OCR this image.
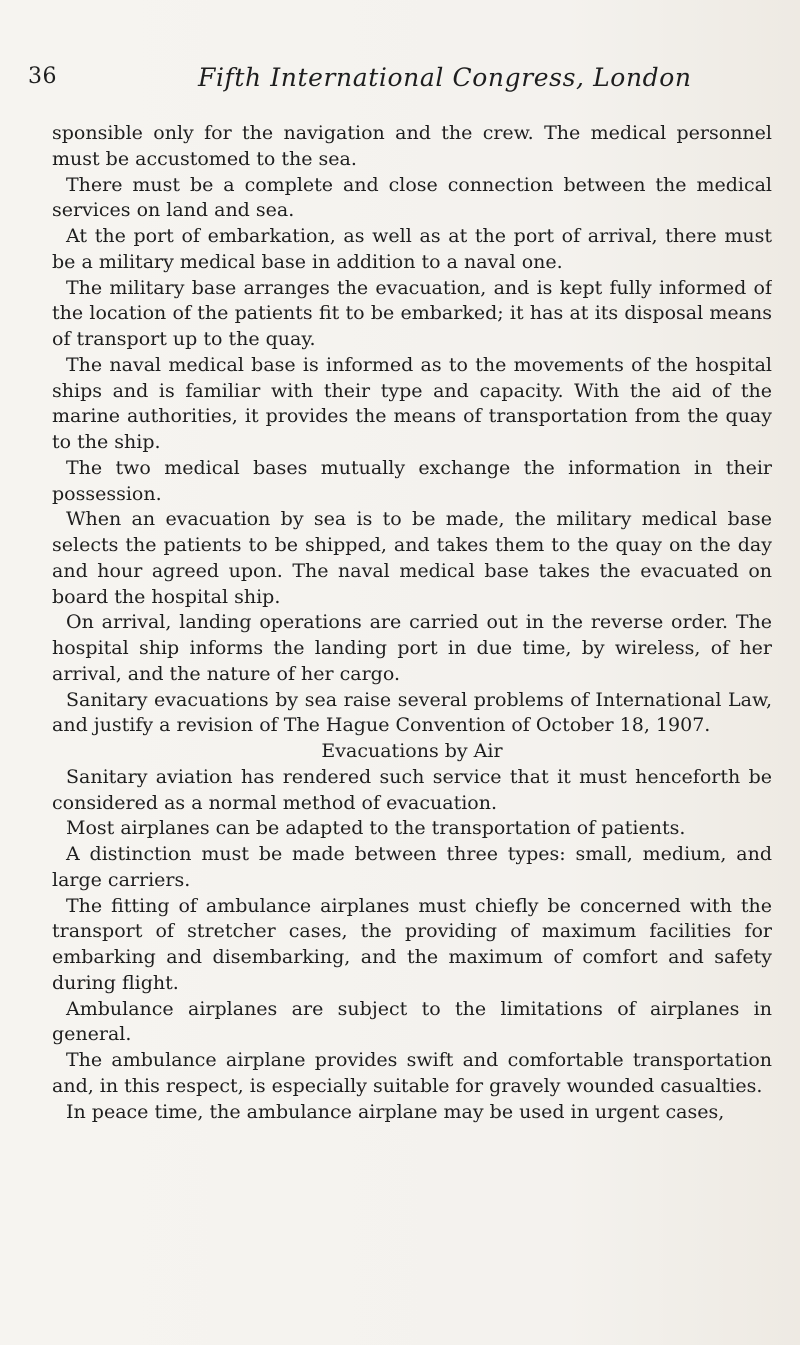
36	Fifth International Congress, London

sponsible only for the navigation and the crew. The medical personnel must be accustomed to the sea.

There must be a complete and close connection between the medical services on land and sea.

At the port of embarkation, as well as at the port of arrival, there must be a military medical base in addition to a naval one.

The military base arranges the evacuation, and is kept fully informed of the location of the patients fit to be embarked; it has at its disposal means of transport up to the quay.

The naval medical base is informed as to the movements of the hospital ships and is familiar with their type and capacity. With the aid of the marine authorities, it provides the means of transportation from the quay to the ship.

The two medical bases mutually exchange the information in their possession.

When an evacuation by sea is to be made, the military medical base selects the patients to be shipped, and takes them to the quay on the day and hour agreed upon. The naval medical base takes the evacuated on board the hospital ship.

On arrival, landing operations are carried out in the reverse order. The hospital ship informs the landing port in due time, by wireless, of her arrival, and the nature of her cargo.

Sanitary evacuations by sea raise several problems of International Law, and justify a revision of The Hague Convention of October 18, 1907.

Evacuations by Air

Sanitary aviation has rendered such service that it must henceforth be considered as a normal method of evacuation.

Most airplanes can be adapted to the transportation of patients.

A distinction must be made between three types: small, medium, and large carriers.

The fitting of ambulance airplanes must chiefly be concerned with the transport of stretcher cases, the providing of maximum facilities for embarking and disembarking, and the maximum of comfort and safety during flight.

Ambulance airplanes are subject to the limitations of airplanes in general.

The ambulance airplane provides swift and comfortable transportation and, in this respect, is especially suitable for gravely wounded casualties.

In peace time, the ambulance airplane may be used in urgent cases,
